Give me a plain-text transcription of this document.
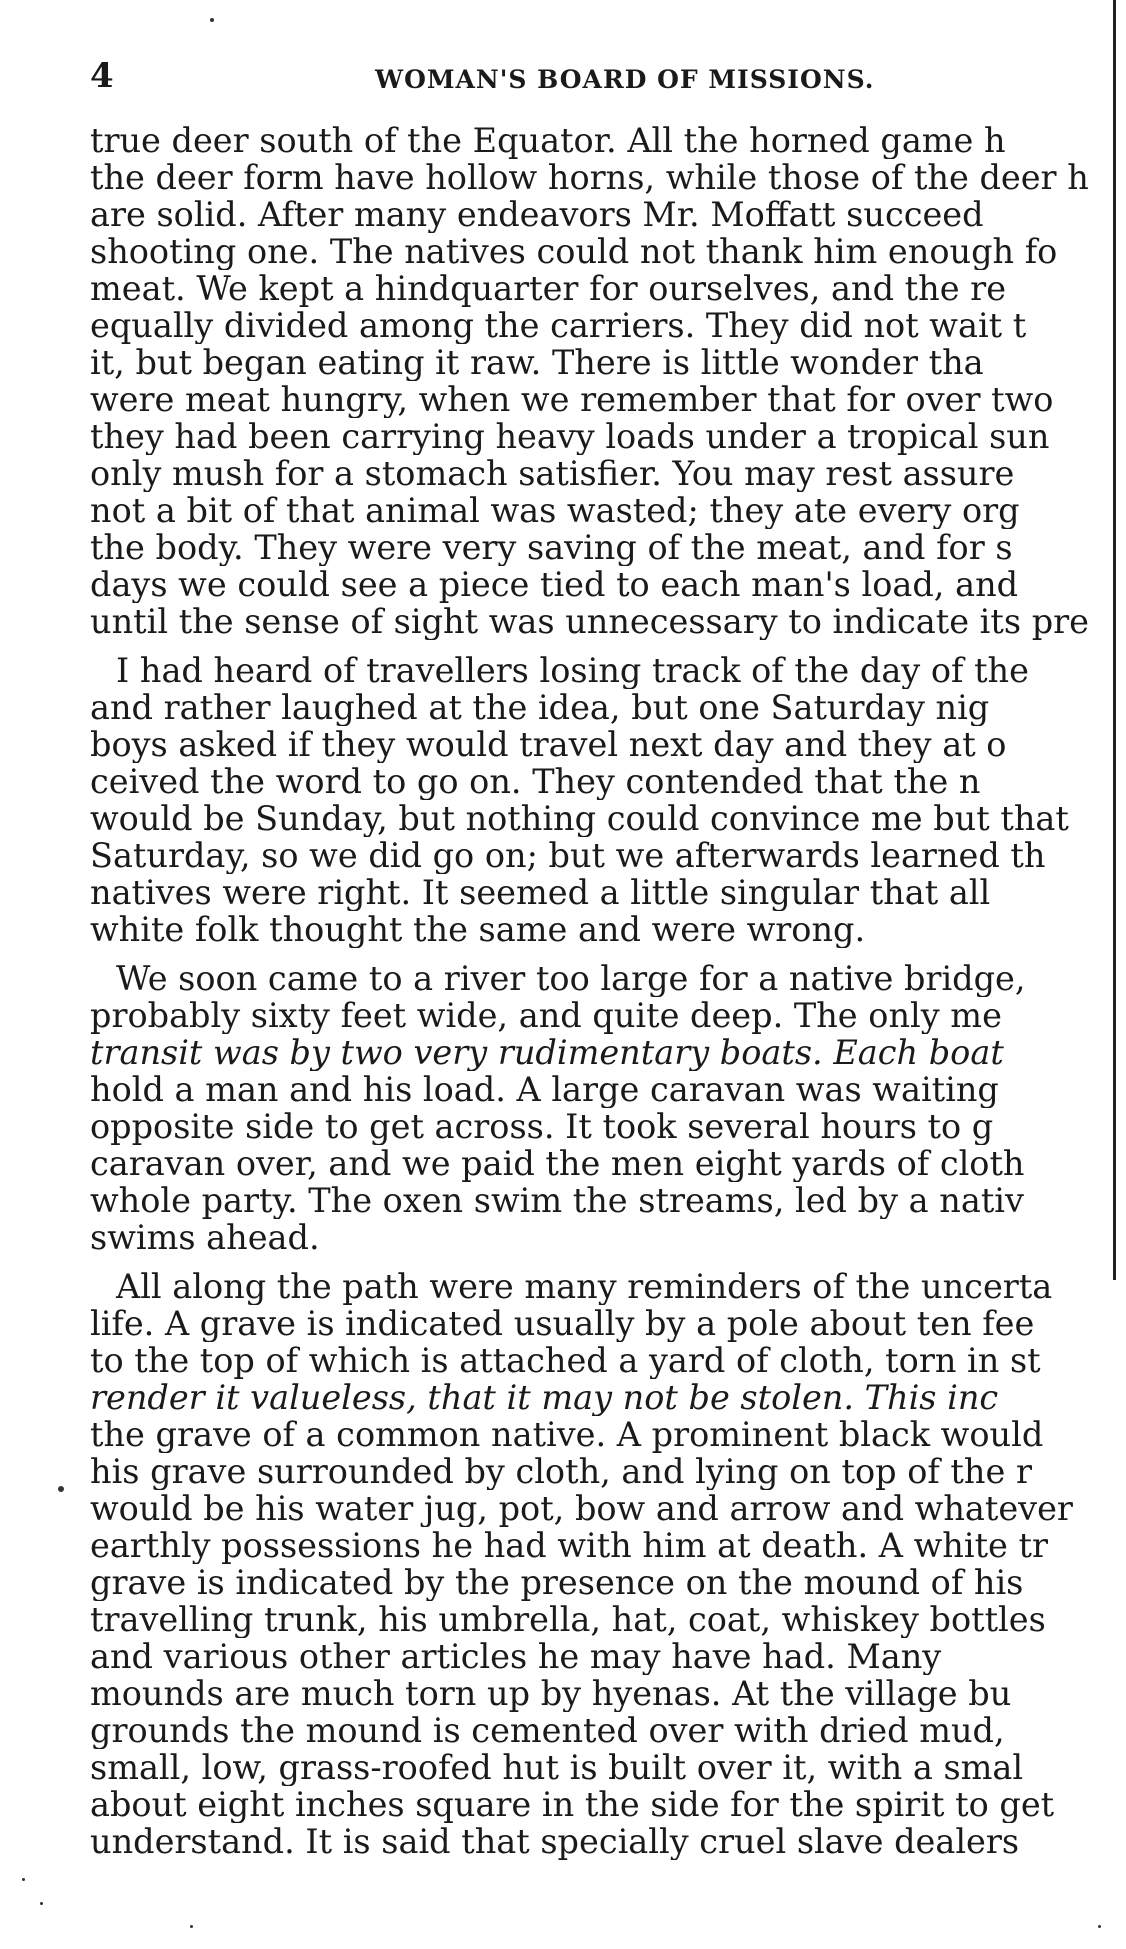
4	WOMAN'S BOARD OF MISSIONS.
true deer south of the Equator. All the horned game h
the deer form have hollow horns, while those of the deer h
are solid. After many endeavors Mr. Moffatt succeed
shooting one. The natives could not thank him enough fo
meat. We kept a hindquarter for ourselves, and the re
equally divided among the carriers. They did not wait t
it, but began eating it raw. There is little wonder tha
were meat hungry, when we remember that for over two
they had been carrying heavy loads under a tropical sun
only mush for a stomach satisfier. You may rest assure
not a bit of that animal was wasted; they ate every org
the body. They were very saving of the meat, and for s
days we could see a piece tied to each man's load, and
until the sense of sight was unnecessary to indicate its pre
I had heard of travellers losing track of the day of the
and rather laughed at the idea, but one Saturday nig
boys asked if they would travel next day and they at o
ceived the word to go on. They contended that the n
would be Sunday, but nothing could convince me but that
Saturday, so we did go on; but we afterwards learned th
natives were right. It seemed a little singular that all
white folk thought the same and were wrong.
We soon came to a river too large for a native bridge,
probably sixty feet wide, and quite deep. The only me
transit was by two very rudimentary boats. Each boat
hold a man and his load. A large caravan was waiting
opposite side to get across. It took several hours to g
caravan over, and we paid the men eight yards of cloth
whole party. The oxen swim the streams, led by a nativ
swims ahead.
All along the path were many reminders of the uncerta
life. A grave is indicated usually by a pole about ten fee
to the top of which is attached a yard of cloth, torn in st
render it valueless, that it may not be stolen. This inc
the grave of a common native. A prominent black would
his grave surrounded by cloth, and lying on top of the r
would be his water jug, pot, bow and arrow and whatever
earthly possessions he had with him at death. A white tr
grave is indicated by the presence on the mound of his
travelling trunk, his umbrella, hat, coat, whiskey bottles
and various other articles he may have had. Many
mounds are much torn up by hyenas. At the village bu
grounds the mound is cemented over with dried mud,
small, low, grass-roofed hut is built over it, with a smal
about eight inches square in the side for the spirit to get
understand. It is said that specially cruel slave dealers
